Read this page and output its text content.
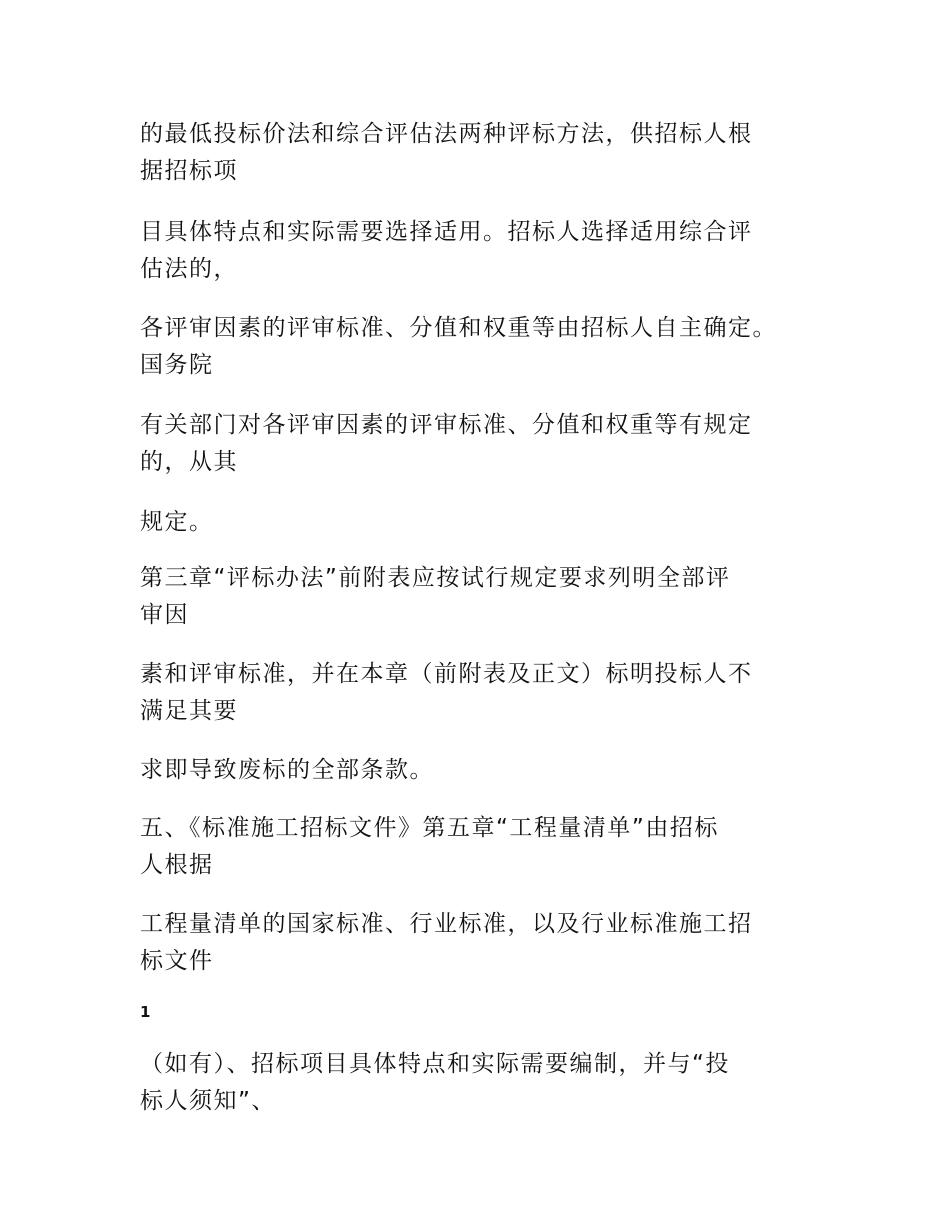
的最低投标价法和综合评估法两种评标方法，供招标人根
据招标项

目具体特点和实际需要选择适用。招标人选择适用综合评
估法的，

各评审因素的评审标准、分值和权重等由招标人自主确定。
国务院

有关部门对各评审因素的评审标准、分值和权重等有规定
的，从其

规定。

第三章“评标办法”前附表应按试行规定要求列明全部评
审因

素和评审标准，并在本章（前附表及正文）标明投标人不
满足其要

求即导致废标的全部条款。

五、《标准施工招标文件》第五章“工程量清单”由招标
人根据

工程量清单的国家标准、行业标准，以及行业标准施工招
标文件

1

（如有）、招标项目具体特点和实际需要编制，并与“投
标人须知”、
